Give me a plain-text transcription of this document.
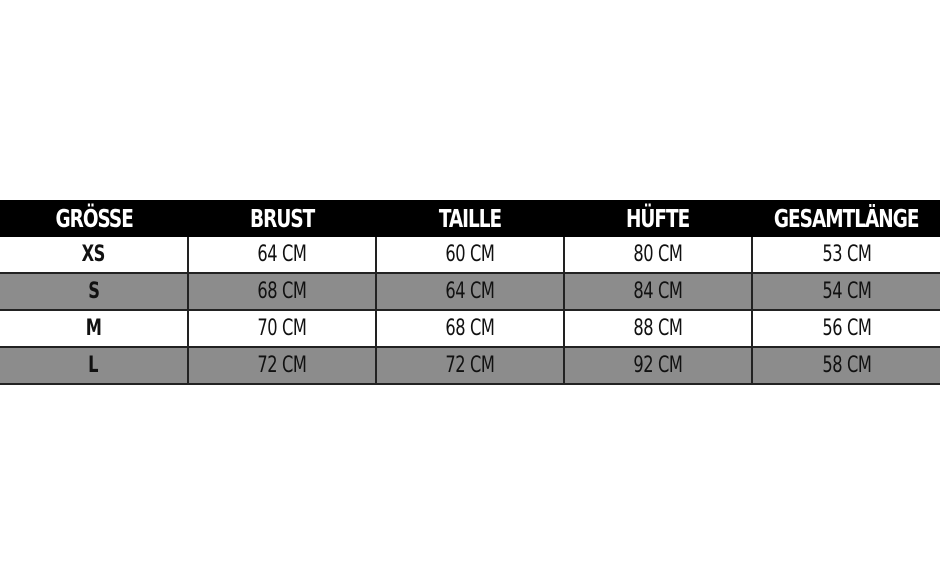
GRÖSSE	BRUST	TAILLE	HÜFTE	GESAMTLÄNGE
XS	64 CM	60 CM	80 CM	53 CM
S	68 CM	64 CM	84 CM	54 CM
M	70 CM	68 CM	88 CM	56 CM
L	72 CM	72 CM	92 CM	58 CM
